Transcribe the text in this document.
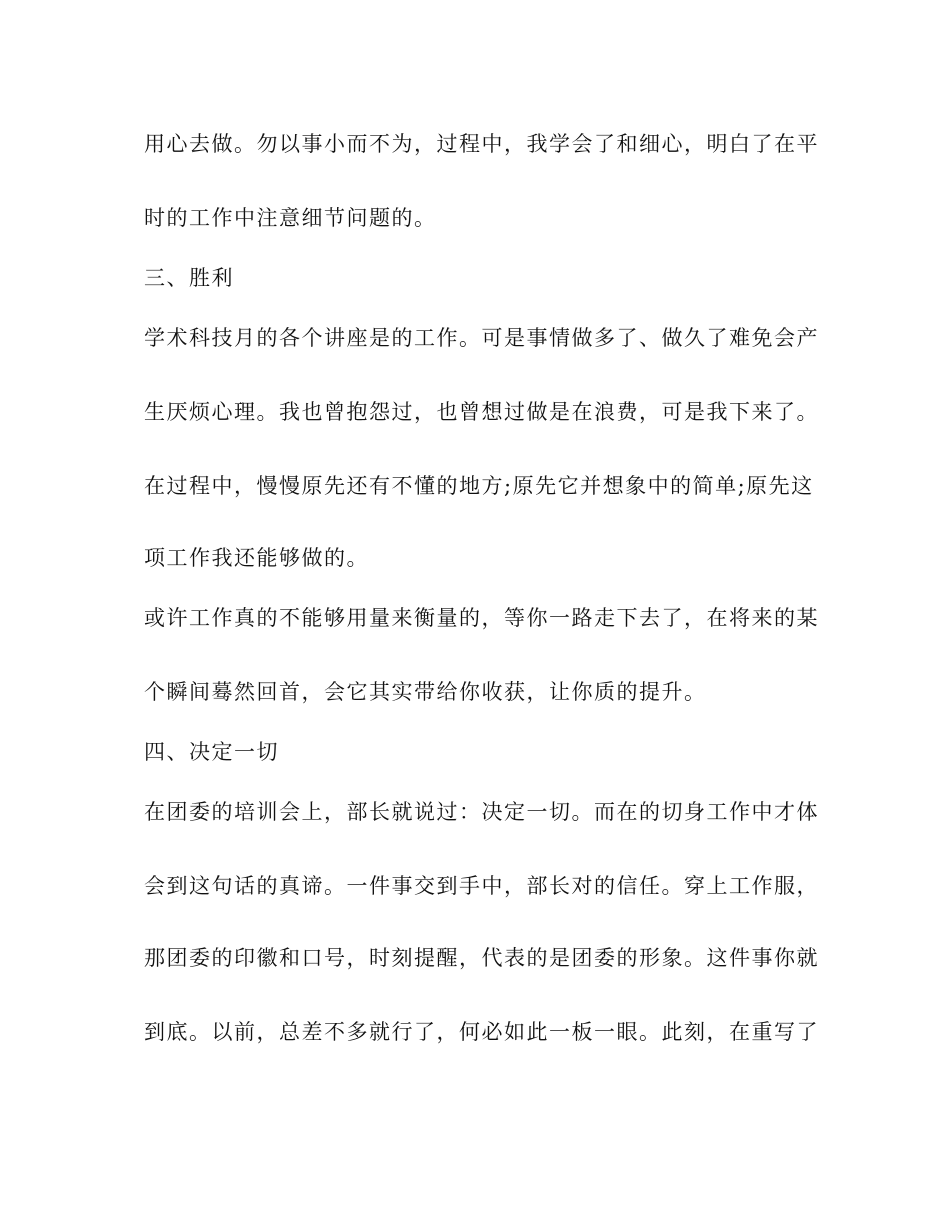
用心去做。勿以事小而不为，过程中，我学会了和细心，明白了在平
时的工作中注意细节问题的。
三、胜利
学术科技月的各个讲座是的工作。可是事情做多了、做久了难免会产
生厌烦心理。我也曾抱怨过，也曾想过做是在浪费，可是我下来了。
在过程中，慢慢原先还有不懂的地方;原先它并想象中的简单;原先这
项工作我还能够做的。
或许工作真的不能够用量来衡量的，等你一路走下去了，在将来的某
个瞬间蓦然回首，会它其实带给你收获，让你质的提升。
四、决定一切
在团委的培训会上，部长就说过：决定一切。而在的切身工作中才体
会到这句话的真谛。一件事交到手中，部长对的信任。穿上工作服，
那团委的印徽和口号，时刻提醒，代表的是团委的形象。这件事你就
到底。以前，总差不多就行了，何必如此一板一眼。此刻，在重写了
